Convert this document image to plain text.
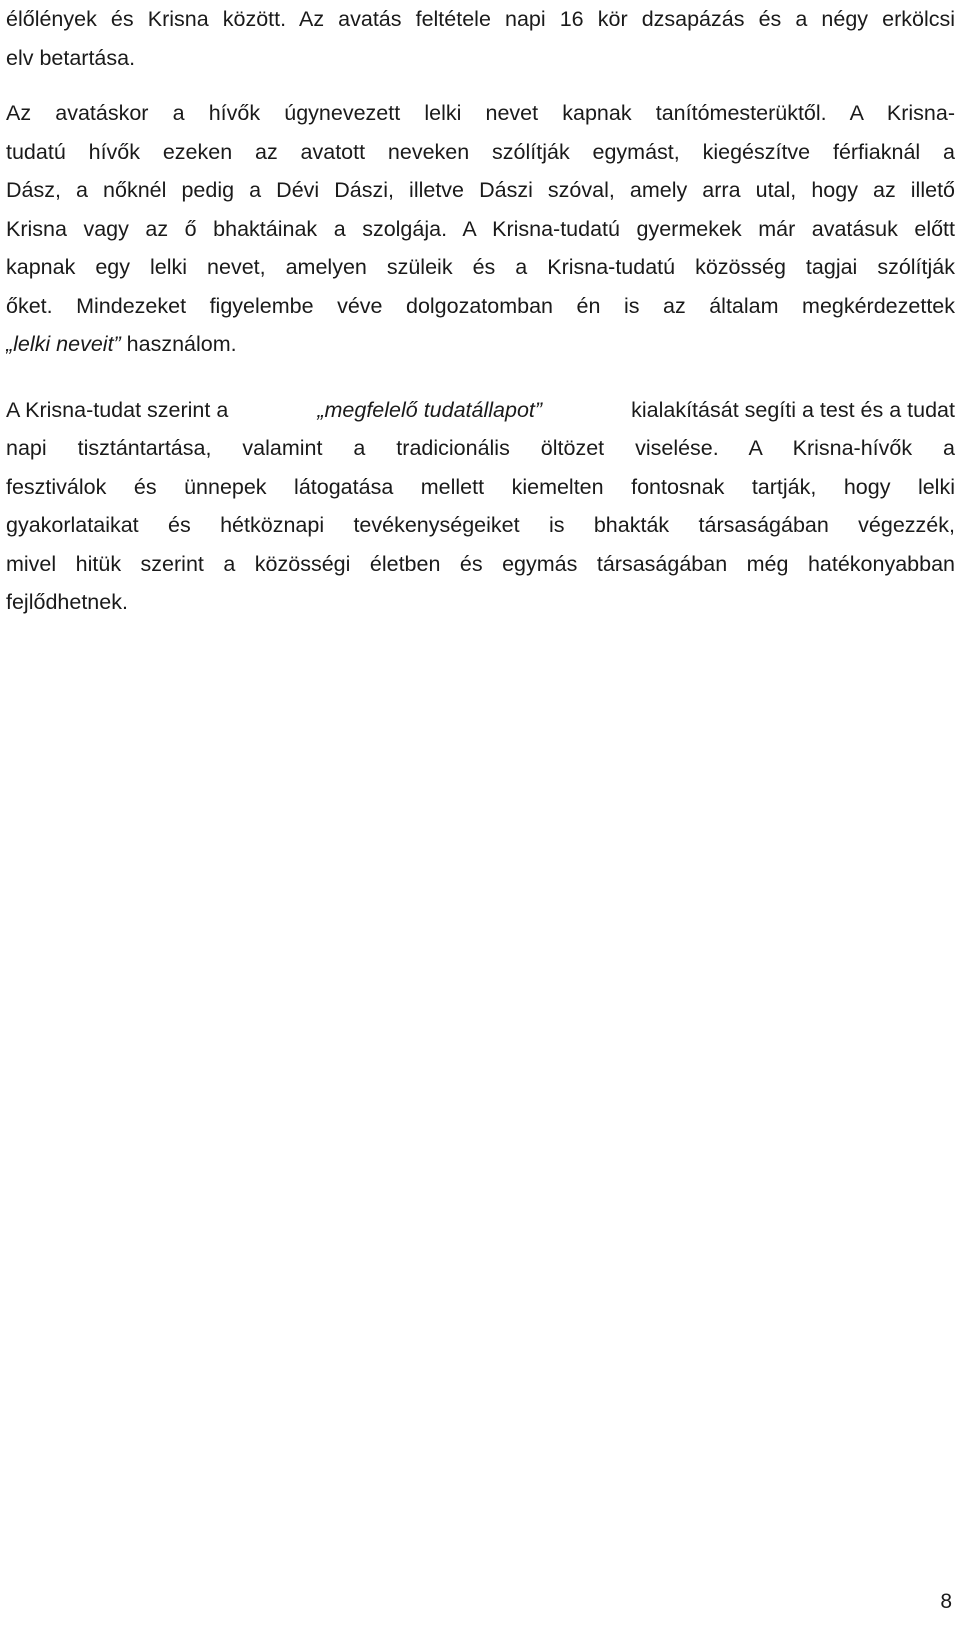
élőlények és Krisna között. Az avatás feltétele napi 16 kör dzsapázás és a négy erkölcsi
elv betartása.
Az avatáskor a hívők úgynevezett lelki nevet kapnak tanítómesterüktől. A Krisna-
tudatú hívők ezeken az avatott neveken szólítják egymást, kiegészítve férfiaknál a
Dász, a nőknél pedig a Dévi Dászi, illetve Dászi szóval, amely arra utal, hogy az illető
Krisna vagy az ő bhaktáinak a szolgája. A Krisna-tudatú gyermekek már avatásuk előtt
kapnak egy lelki nevet, amelyen szüleik és a Krisna-tudatú közösség tagjai szólítják
őket. Mindezeket figyelembe véve dolgozatomban én is az általam megkérdezettek
„lelki neveit” használom.
A Krisna-tudat szerint a	„megfelelő tudatállapot”	kialakítását segíti a test és a tudat
napi tisztántartása, valamint a tradicionális öltözet viselése. A Krisna-hívők a
fesztiválok és ünnepek látogatása mellett kiemelten fontosnak tartják, hogy lelki
gyakorlataikat és hétköznapi tevékenységeiket is bhakták társaságában végezzék,
mivel hitük szerint a közösségi életben és egymás társaságában még hatékonyabban
fejlődhetnek.
8
